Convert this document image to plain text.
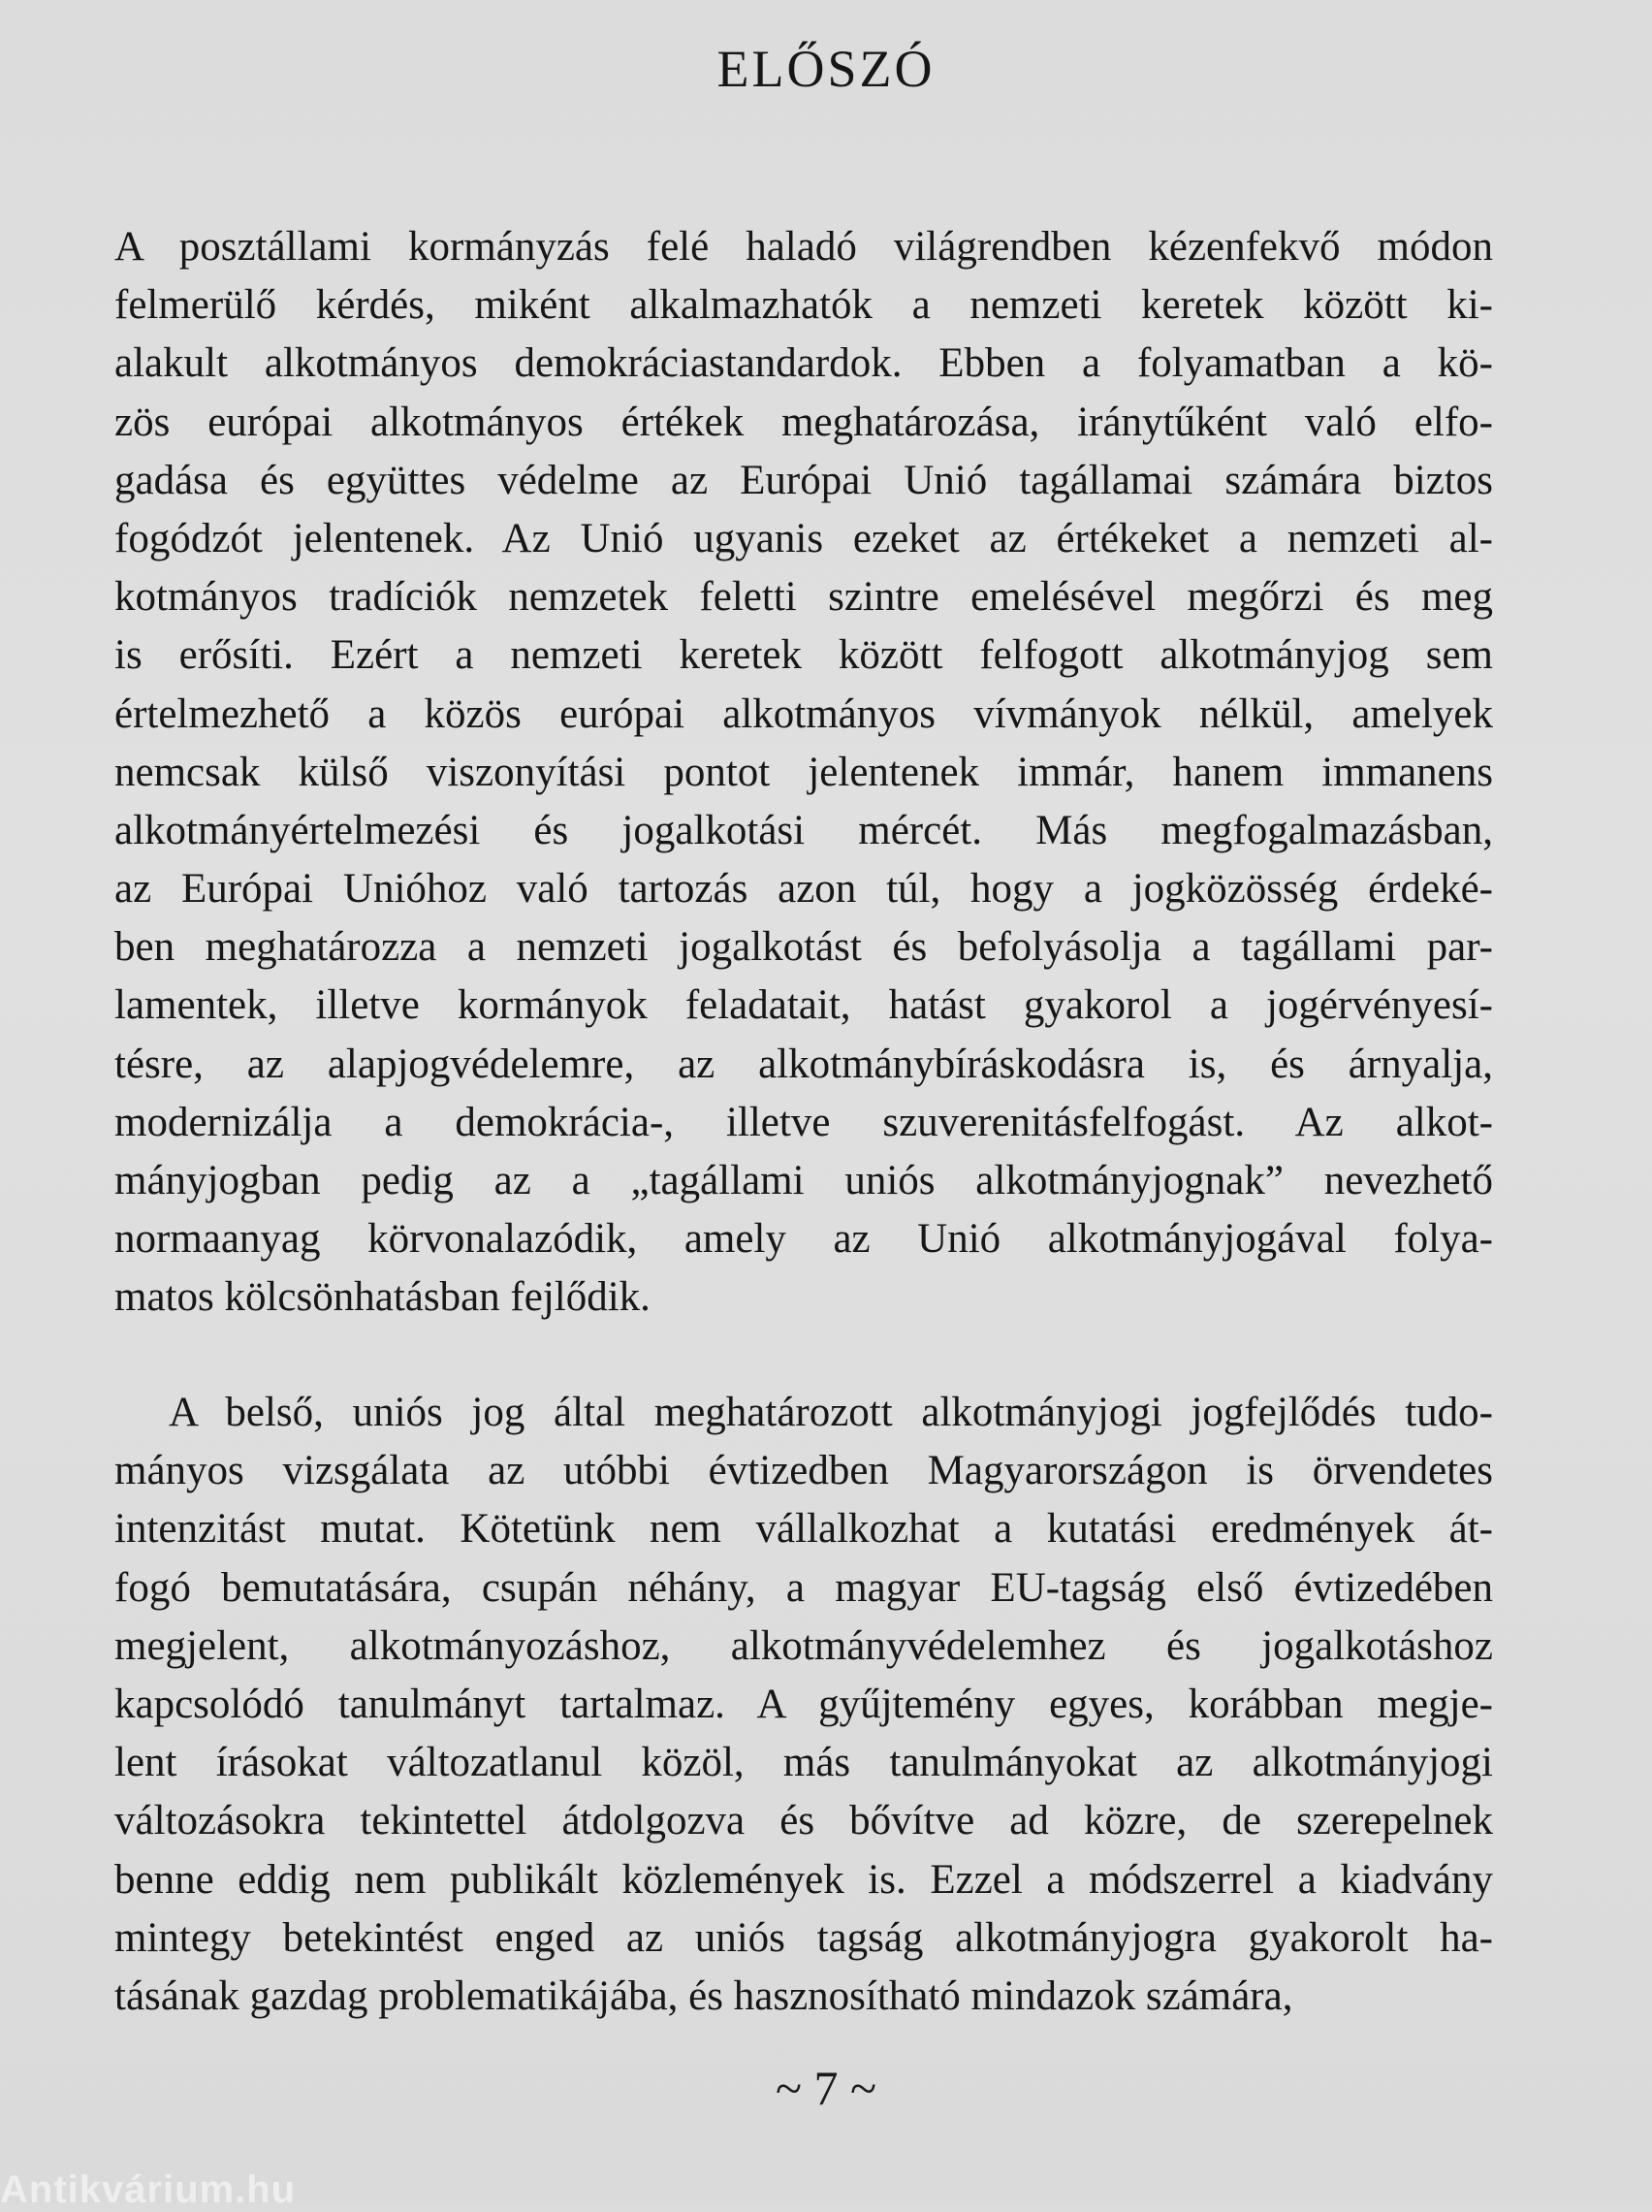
ELŐSZÓ
A posztállami kormányzás felé haladó világrendben kézenfekvő módon
felmerülő kérdés, miként alkalmazhatók a nemzeti keretek között ki-
alakult alkotmányos demokráciastandardok. Ebben a folyamatban a kö-
zös európai alkotmányos értékek meghatározása, iránytűként való elfo-
gadása és együttes védelme az Európai Unió tagállamai számára biztos
fogódzót jelentenek. Az Unió ugyanis ezeket az értékeket a nemzeti al-
kotmányos tradíciók nemzetek feletti szintre emelésével megőrzi és meg
is erősíti. Ezért a nemzeti keretek között felfogott alkotmányjog sem
értelmezhető a közös európai alkotmányos vívmányok nélkül, amelyek
nemcsak külső viszonyítási pontot jelentenek immár, hanem immanens
alkotmányértelmezési és jogalkotási mércét. Más megfogalmazásban,
az Európai Unióhoz való tartozás azon túl, hogy a jogközösség érdeké-
ben meghatározza a nemzeti jogalkotást és befolyásolja a tagállami par-
lamentek, illetve kormányok feladatait, hatást gyakorol a jogérvényesí-
tésre, az alapjogvédelemre, az alkotmánybíráskodásra is, és árnyalja,
modernizálja a demokrácia-, illetve szuverenitásfelfogást. Az alkot-
mányjogban pedig az a „tagállami uniós alkotmányjognak” nevezhető
normaanyag körvonalazódik, amely az Unió alkotmányjogával folya-
matos kölcsönhatásban fejlődik.
A belső, uniós jog által meghatározott alkotmányjogi jogfejlődés tudo-
mányos vizsgálata az utóbbi évtizedben Magyarországon is örvendetes
intenzitást mutat. Kötetünk nem vállalkozhat a kutatási eredmények át-
fogó bemutatására, csupán néhány, a magyar EU-tagság első évtizedében
megjelent, alkotmányozáshoz, alkotmányvédelemhez és jogalkotáshoz
kapcsolódó tanulmányt tartalmaz. A gyűjtemény egyes, korábban megje-
lent írásokat változatlanul közöl, más tanulmányokat az alkotmányjogi
változásokra tekintettel átdolgozva és bővítve ad közre, de szerepelnek
benne eddig nem publikált közlemények is. Ezzel a módszerrel a kiadvány
mintegy betekintést enged az uniós tagság alkotmányjogra gyakorolt ha-
tásának gazdag problematikájába, és hasznosítható mindazok számára,
~ 7 ~
Antikvárium.hu
